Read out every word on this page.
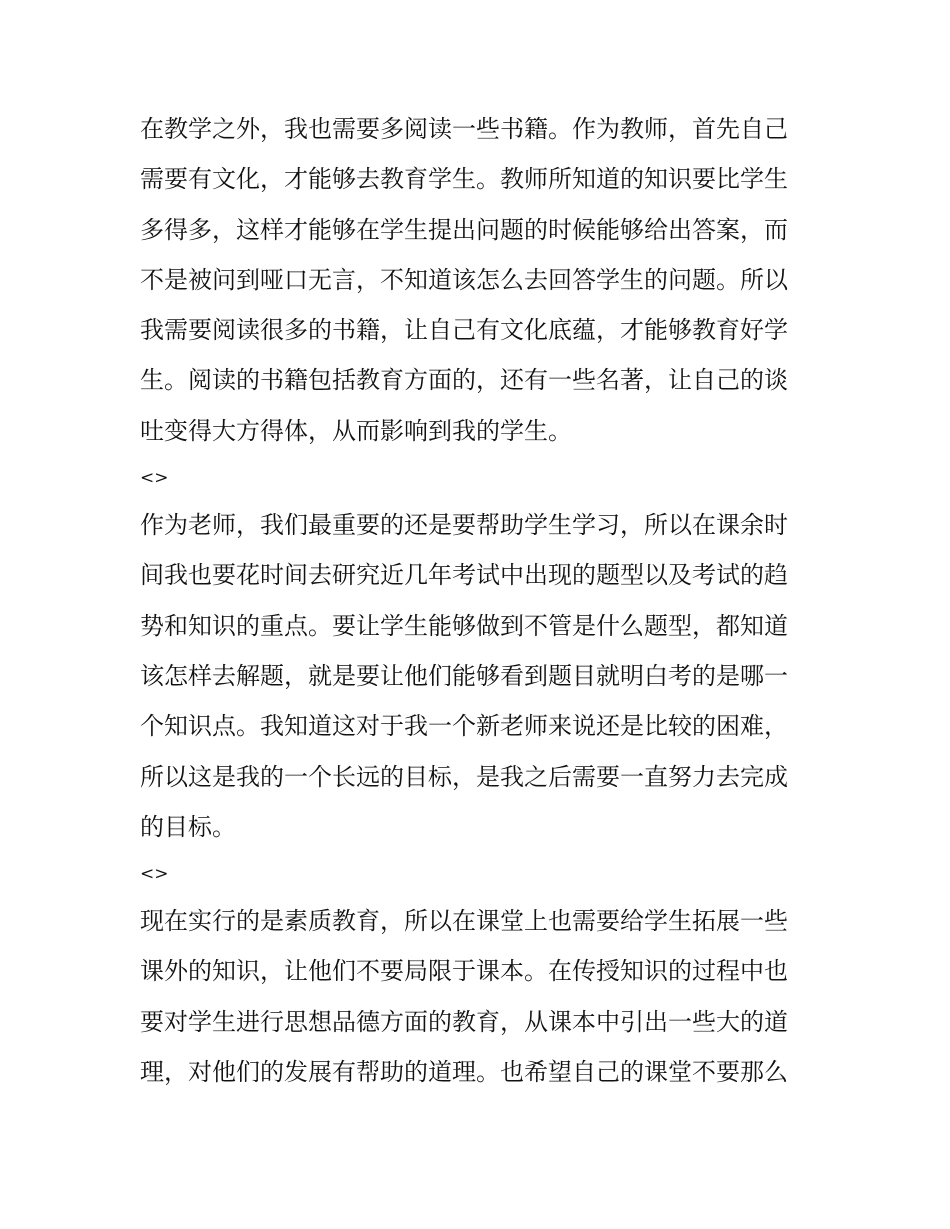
在教学之外，我也需要多阅读一些书籍。作为教师，首先自己
需要有文化，才能够去教育学生。教师所知道的知识要比学生
多得多，这样才能够在学生提出问题的时候能够给出答案，而
不是被问到哑口无言，不知道该怎么去回答学生的问题。所以
我需要阅读很多的书籍，让自己有文化底蕴，才能够教育好学
生。阅读的书籍包括教育方面的，还有一些名著，让自己的谈
吐变得大方得体，从而影响到我的学生。

<>

作为老师，我们最重要的还是要帮助学生学习，所以在课余时
间我也要花时间去研究近几年考试中出现的题型以及考试的趋
势和知识的重点。要让学生能够做到不管是什么题型，都知道
该怎样去解题，就是要让他们能够看到题目就明白考的是哪一
个知识点。我知道这对于我一个新老师来说还是比较的困难，
所以这是我的一个长远的目标，是我之后需要一直努力去完成
的目标。

<>

现在实行的是素质教育，所以在课堂上也需要给学生拓展一些
课外的知识，让他们不要局限于课本。在传授知识的过程中也
要对学生进行思想品德方面的教育，从课本中引出一些大的道
理，对他们的发展有帮助的道理。也希望自己的课堂不要那么
